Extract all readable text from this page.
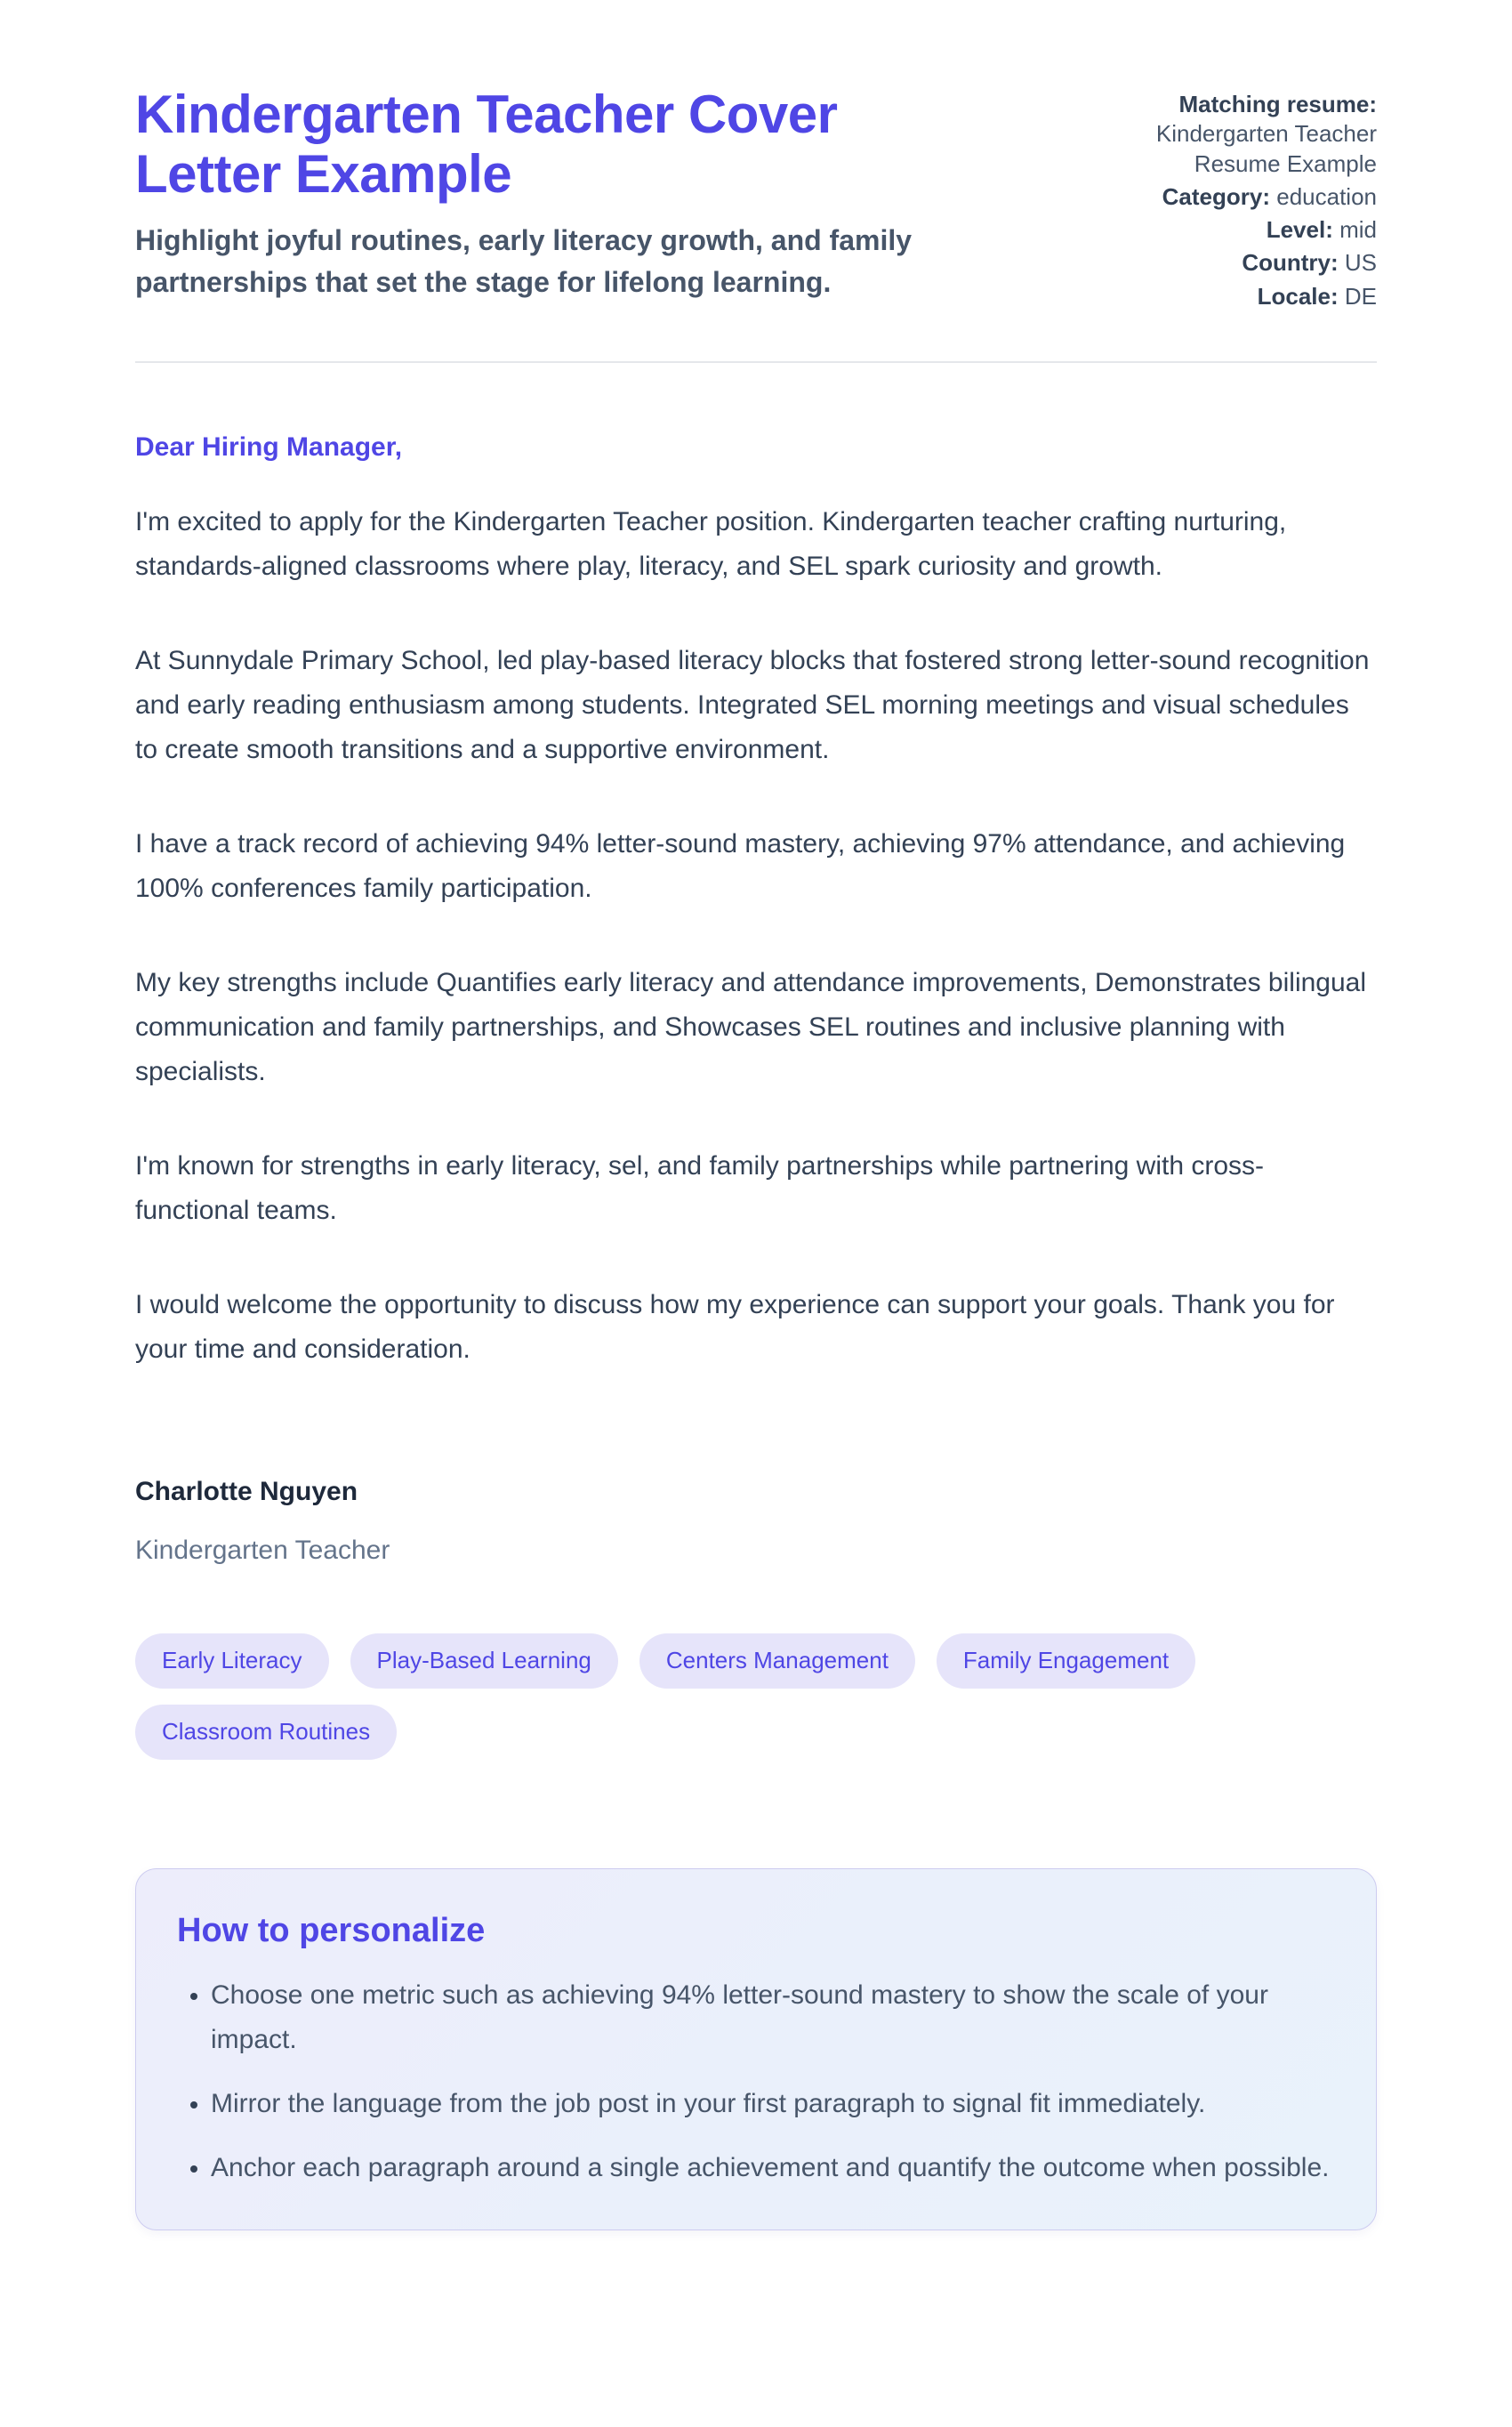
Kindergarten Teacher Cover Letter Example

Highlight joyful routines, early literacy growth, and family partnerships that set the stage for lifelong learning.

Matching resume: Kindergarten Teacher Resume Example
Category: education
Level: mid
Country: US
Locale: DE

Dear Hiring Manager,

I'm excited to apply for the Kindergarten Teacher position. Kindergarten teacher crafting nurturing, standards-aligned classrooms where play, literacy, and SEL spark curiosity and growth.

At Sunnydale Primary School, led play-based literacy blocks that fostered strong letter-sound recognition and early reading enthusiasm among students. Integrated SEL morning meetings and visual schedules to create smooth transitions and a supportive environment.

I have a track record of achieving 94% letter-sound mastery, achieving 97% attendance, and achieving 100% conferences family participation.

My key strengths include Quantifies early literacy and attendance improvements, Demonstrates bilingual communication and family partnerships, and Showcases SEL routines and inclusive planning with specialists.

I'm known for strengths in early literacy, sel, and family partnerships while partnering with cross-functional teams.

I would welcome the opportunity to discuss how my experience can support your goals. Thank you for your time and consideration.

Charlotte Nguyen

Kindergarten Teacher

Early Literacy	Play-Based Learning	Centers Management	Family Engagement
Classroom Routines
How to personalize
• Choose one metric such as achieving 94% letter-sound mastery to show the scale of your impact.
• Mirror the language from the job post in your first paragraph to signal fit immediately.
• Anchor each paragraph around a single achievement and quantify the outcome when possible.
